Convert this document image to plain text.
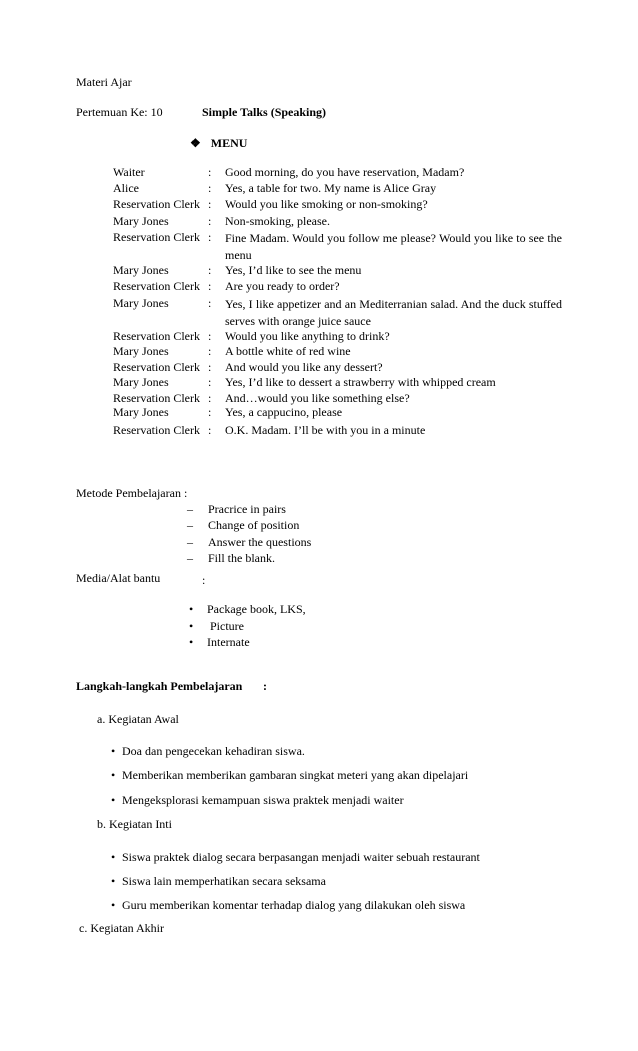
Materi Ajar
Pertemuan Ke: 10	Simple Talks (Speaking)
❖ MENU
Waiter	: Good morning, do you have reservation, Madam?
Alice	: Yes, a table for two. My name is Alice Gray
Reservation Clerk : Would you like smoking or non-smoking?
Mary Jones	: Non-smoking, please.
Reservation Clerk : Fine Madam. Would you follow me please? Would you like to see the menu
Mary Jones	: Yes, I’d like to see the menu
Reservation Clerk : Are you ready to order?
Mary Jones	: Yes, I like appetizer and an Mediterranian salad. And the duck stuffed serves with orange juice sauce
Reservation Clerk : Would you like anything to drink?
Mary Jones	: A bottle white of red wine
Reservation Clerk : And would you like any dessert?
Mary Jones	: Yes, I’d like to dessert a strawberry with whipped cream
Reservation Clerk : And…would you like something else?
Mary Jones	: Yes, a cappucino, please
Reservation Clerk : O.K. Madam. I’ll be with you in a minute
Metode Pembelajaran :
– Pracrice in pairs
– Change of position
– Answer the questions
– Fill the blank.
Media/Alat bantu	:
• Package book, LKS,
• Picture
• Internate
Langkah-langkah Pembelajaran :
a. Kegiatan Awal
• Doa dan pengecekan kehadiran siswa.
• Memberikan memberikan gambaran singkat meteri yang akan dipelajari
• Mengeksplorasi kemampuan siswa praktek menjadi waiter
b. Kegiatan Inti
• Siswa praktek dialog secara berpasangan menjadi waiter sebuah restaurant
• Siswa lain memperhatikan secara seksama
• Guru memberikan komentar terhadap dialog yang dilakukan oleh siswa
c. Kegiatan Akhir
